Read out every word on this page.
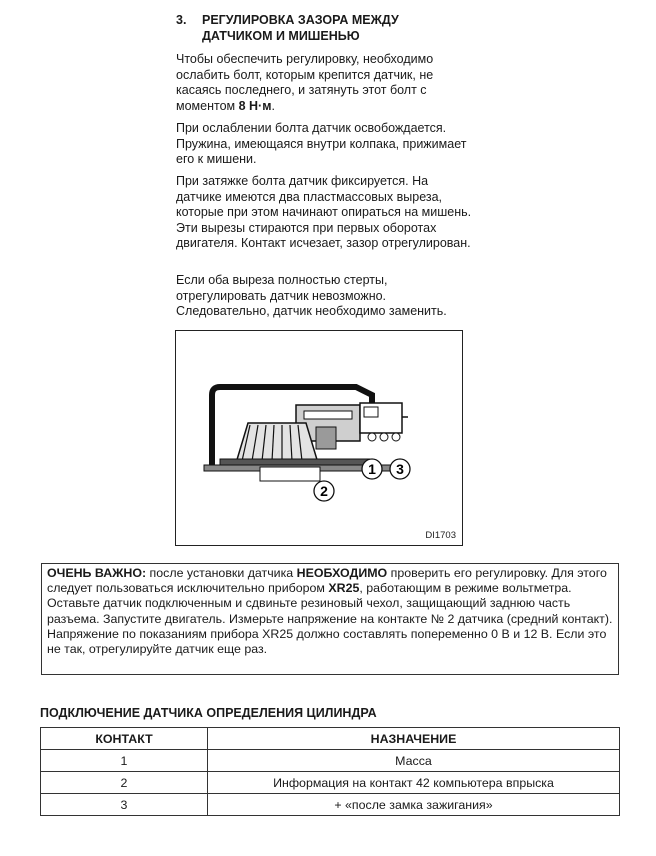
3. РЕГУЛИРОВКА ЗАЗОРА МЕЖДУ ДАТЧИКОМ И МИШЕНЬЮ
Чтобы обеспечить регулировку, необходимо ослабить болт, которым крепится датчик, не касаясь последнего, и затянуть этот болт с моментом 8 Н·м.
При ослаблении болта датчик освобождается. Пружина, имеющаяся внутри колпака, прижимает его к мишени.
При затяжке болта датчик фиксируется. На датчике имеются два пластмассовых выреза, которые при этом начинают опираться на мишень. Эти вырезы стираются при первых оборотах двигателя. Контакт исчезает, зазор отрегулирован.
Если оба выреза полностью стерты, отрегулировать датчик невозможно. Следовательно, датчик необходимо заменить.
1 3
2
DI1703

ОЧЕНЬ ВАЖНО: после установки датчика НЕОБХОДИМО проверить его регулировку. Для этого следует пользоваться исключительно прибором XR25, работающим в режиме вольтметра.

Оставьте датчик подключенным и сдвиньте резиновый чехол, защищающий заднюю часть разъема. Запустите двигатель. Измерьте напряжение на контакте № 2 датчика (средний контакт). Напряжение по показаниям прибора XR25 должно составлять попеременно 0 В и 12 В. Если это не так, отрегулируйте датчик еще раз.

ПОДКЛЮЧЕНИЕ ДАТЧИКА ОПРЕДЕЛЕНИЯ ЦИЛИНДРА
КОНТАКТ	НАЗНАЧЕНИЕ
1	Масса
2	Информация на контакт 42 компьютера впрыска
3	+ «после замка зажигания»
